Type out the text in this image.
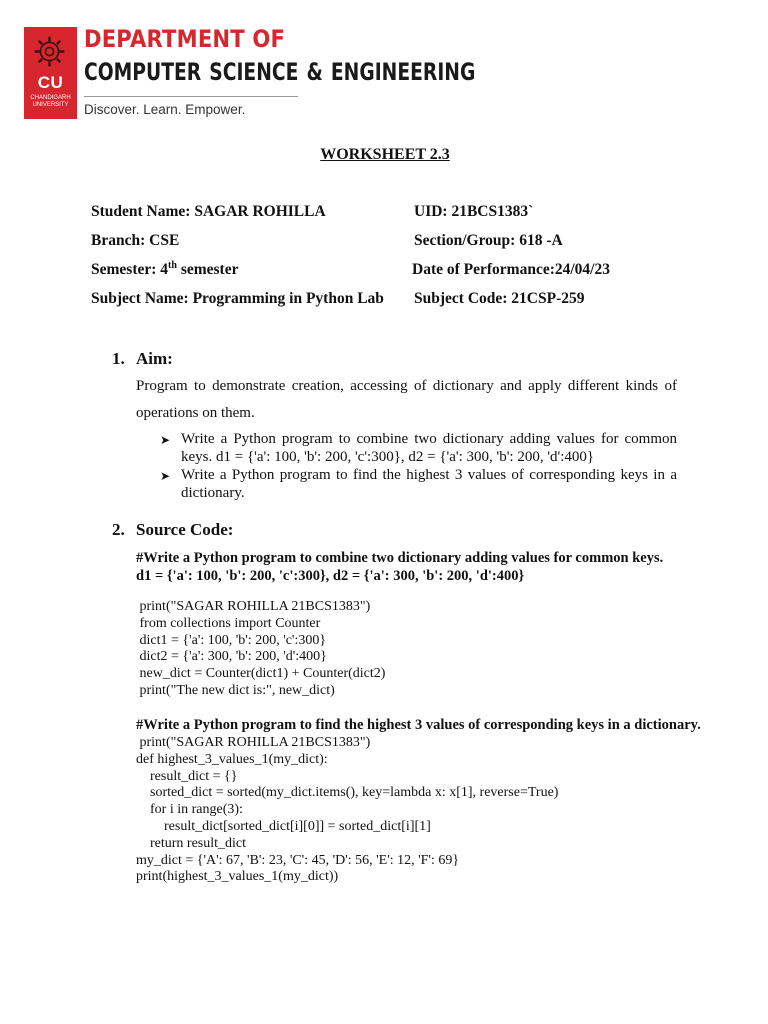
CU
CHANDIGARH
UNIVERSITY
DEPARTMENT OF
COMPUTER SCIENCE & ENGINEERING
Discover. Learn. Empower.
WORKSHEET 2.3
Student Name: SAGAR ROHILLA	UID: 21BCS1383`
Branch: CSE	Section/Group: 618 -A
Semester: 4th semester	Date of Performance:24/04/23
Subject Name: Programming in Python Lab Subject Code: 21CSP-259
1. Aim:
Program to demonstrate creation, accessing of dictionary and apply different kinds of operations on them.
➤ Write a Python program to combine two dictionary adding values for common keys. d1 = {'a': 100, 'b': 200, 'c':300}, d2 = {'a': 300, 'b': 200, 'd':400}
➤ Write a Python program to find the highest 3 values of corresponding keys in a dictionary.
2. Source Code:
#Write a Python program to combine two dictionary adding values for common keys.
d1 = {'a': 100, 'b': 200, 'c':300}, d2 = {'a': 300, 'b': 200, 'd':400}
print("SAGAR ROHILLA 21BCS1383")
from collections import Counter
dict1 = {'a': 100, 'b': 200, 'c':300}
dict2 = {'a': 300, 'b': 200, 'd':400}
new_dict = Counter(dict1) + Counter(dict2)
print("The new dict is:", new_dict)
#Write a Python program to find the highest 3 values of corresponding keys in a dictionary.
print("SAGAR ROHILLA 21BCS1383")
def highest_3_values_1(my_dict):
result_dict = {}
sorted_dict = sorted(my_dict.items(), key=lambda x: x[1], reverse=True)
for i in range(3):
result_dict[sorted_dict[i][0]] = sorted_dict[i][1]
return result_dict
my_dict = {'A': 67, 'B': 23, 'C': 45, 'D': 56, 'E': 12, 'F': 69}
print(highest_3_values_1(my_dict))
